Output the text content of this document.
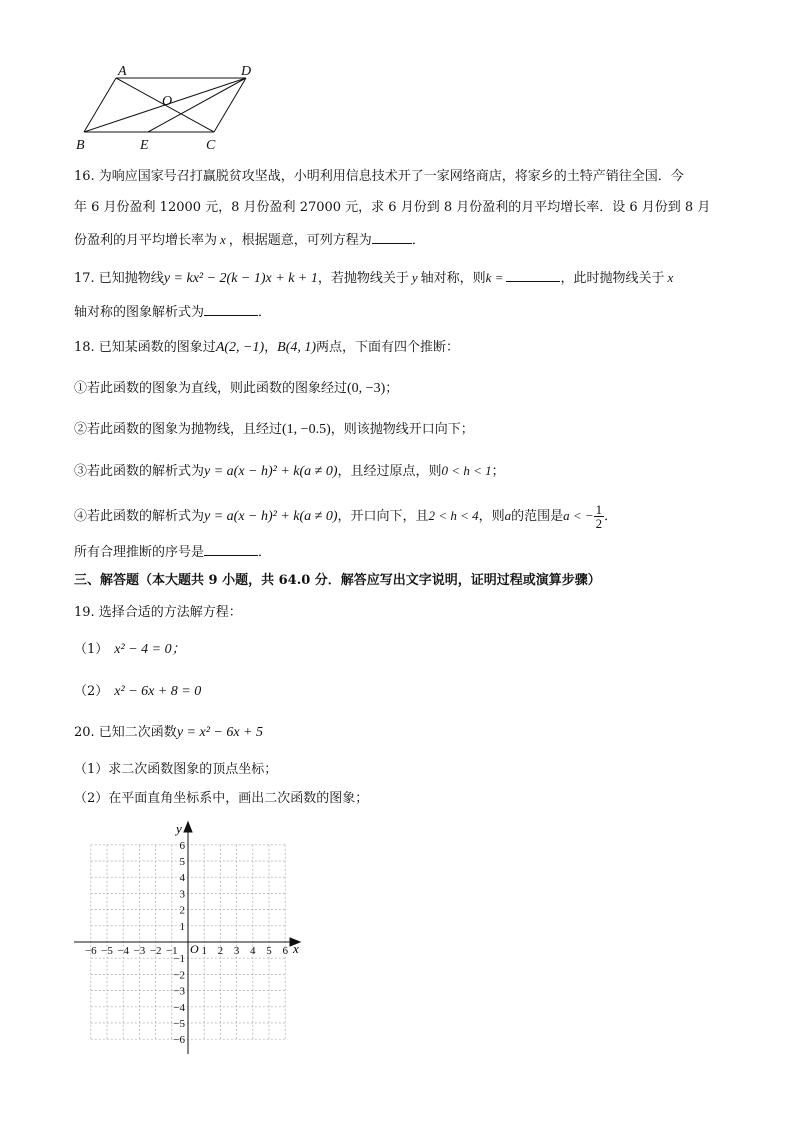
A	D
O
B	E	C
16. 为响应国家号召打赢脱贫攻坚战，小明利用信息技术开了一家网络商店，将家乡的土特产销往全国．今
年 6 月份盈利 12000 元，8 月份盈利 27000 元，求 6 月份到 8 月份盈利的月平均增长率．设 6 月份到 8 月
份盈利的月平均增长率为 x ，根据题意，可列方程为	．
17. 已知抛物线y = kx² − 2(k − 1)x + k + 1，若抛物线关于 y 轴对称，则k =	，此时抛物线关于 x
轴对称的图象解析式为	．
18. 已知某函数的图象过A(2, −1)，B(4, 1)两点，下面有四个推断：
①若此函数的图象为直线，则此函数的图象经过(0, −3)；
②若此函数的图象为抛物线，且经过(1, −0.5)，则该抛物线开口向下；
③若此函数的解析式为y = a(x − h)² + k(a ≠ 0)，且经过原点，则0 < h < 1；
④若此函数的解析式为y = a(x − h)² + k(a ≠ 0)，开口向下，且2 < h < 4，则a的范围是a < − $\frac{1}{2}$ ．
所有合理推断的序号是	．
三、解答题（本大题共 9 小题，共 64.0 分．解答应写出文字说明，证明过程或演算步骤）
19. 选择合适的方法解方程：
（1） x² − 4 = 0；
（2） x² − 6x + 8 = 0
20. 已知二次函数y = x² − 6x + 5
（1）求二次函数图象的顶点坐标；
（2）在平面直角坐标系中，画出二次函数的图象；
x
y
O
−6 −5 −4 −3 −2 −1 1 2 3 4 5 6
6
5
4
3
2
1
−1
−2
−3
−4
−5
−6
